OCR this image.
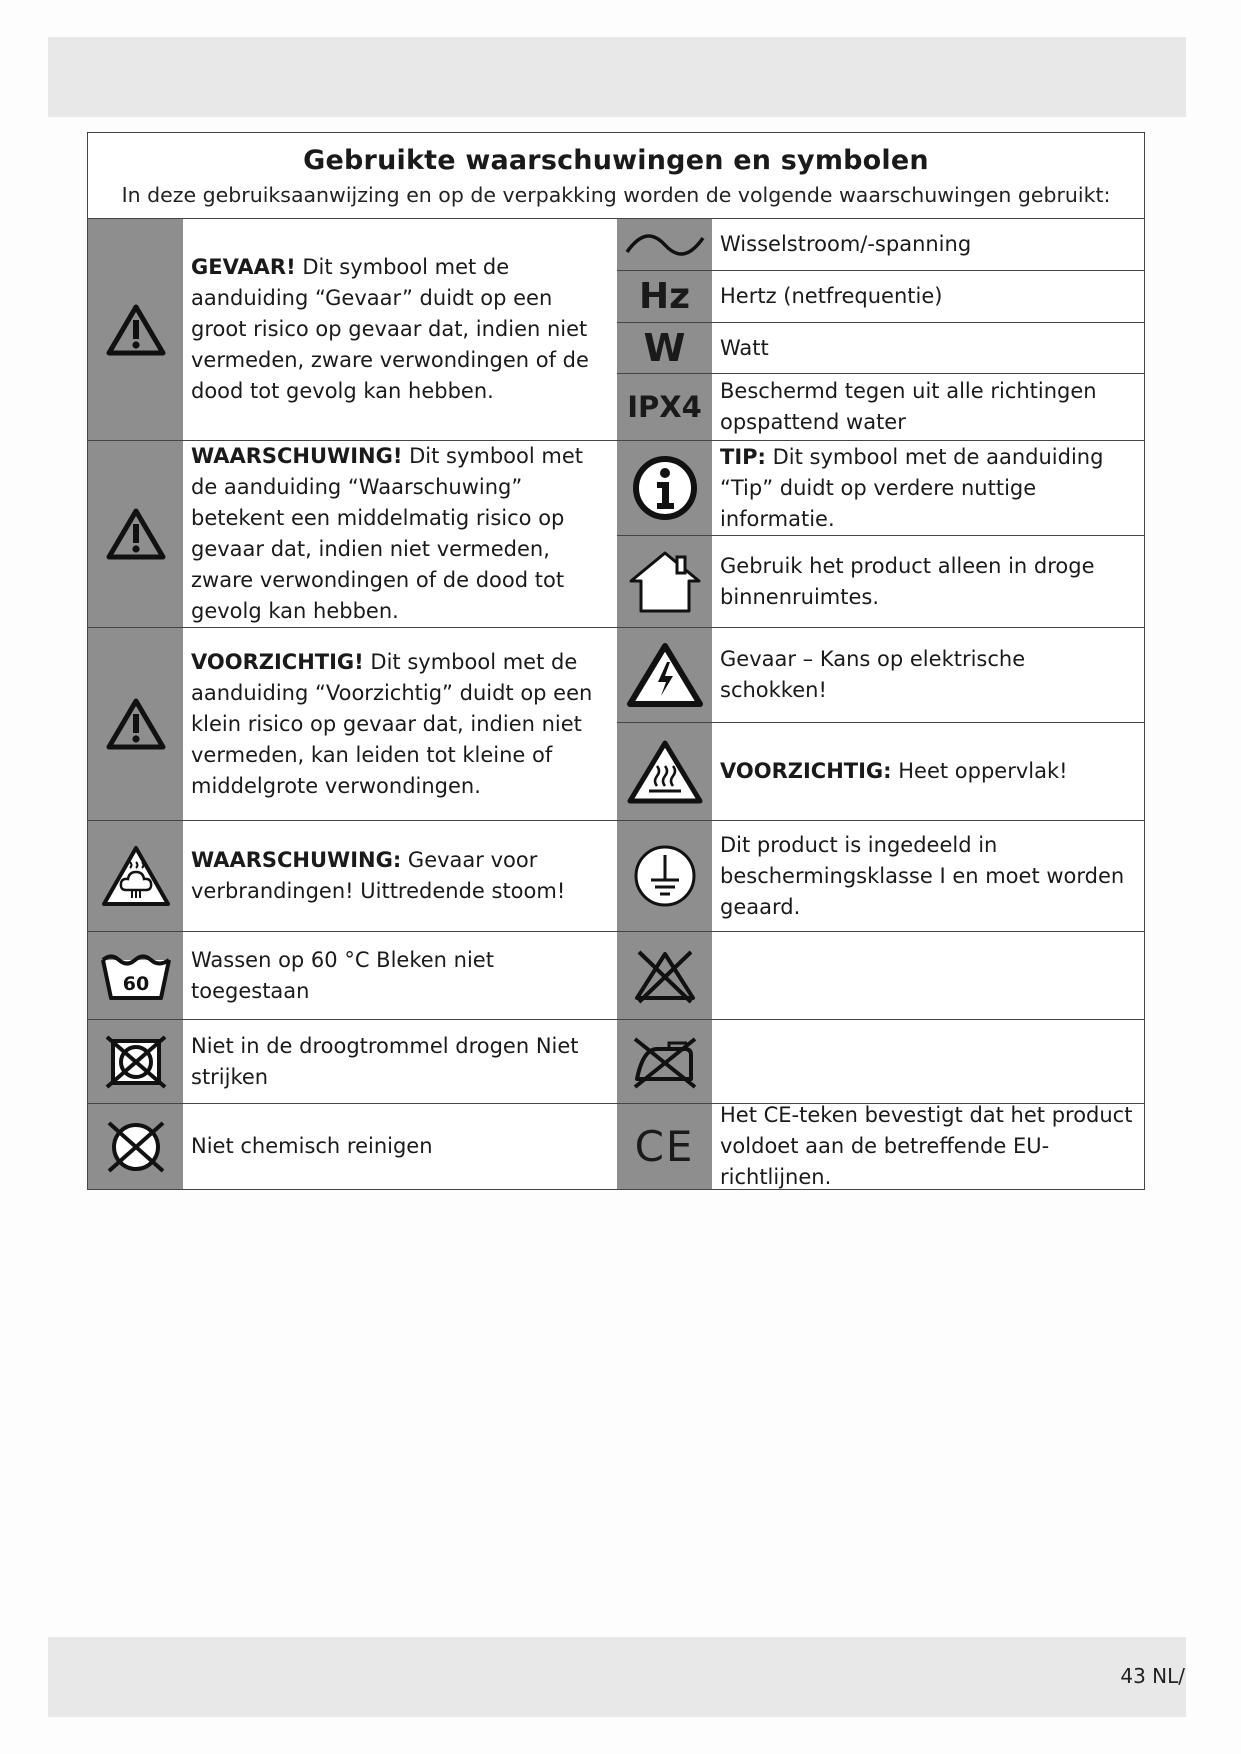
Gebruikte waarschuwingen en symbolen
In deze gebruiksaanwijzing en op de verpakking worden de volgende waarschuwingen gebruikt:
GEVAAR! Dit symbool met de aanduiding “Gevaar” duidt op een groot risico op gevaar dat, indien niet vermeden, zware verwondingen of de dood tot gevolg kan hebben.
WAARSCHUWING! Dit symbool met de aanduiding “Waarschuwing” betekent een middelmatig risico op gevaar dat, indien niet vermeden, zware verwondingen of de dood tot gevolg kan hebben.
VOORZICHTIG! Dit symbool met de aanduiding “Voorzichtig” duidt op een klein risico op gevaar dat, indien niet vermeden, kan leiden tot kleine of middelgrote verwondingen.
WAARSCHUWING: Gevaar voor verbrandingen! Uittredende stoom!
60
Wassen op 60 °C Bleken niet toegestaan
Niet in de droogtrommel drogen Niet strijken
Niet chemisch reinigen
Wisselstroom/-spanning
Hz Hertz (netfrequentie)
W Watt
IPX4 Beschermd tegen uit alle richtingen opspattend water
TIP: Dit symbool met de aanduiding “Tip” duidt op verdere nuttige informatie.
Gebruik het product alleen in droge binnenruimtes.
Gevaar – Kans op elektrische schokken!
VOORZICHTIG: Heet oppervlak!
Dit product is ingedeeld in beschermingsklasse I en moet worden geaard.
CE
Het CE-teken bevestigt dat het product voldoet aan de betreffende EU-richtlijnen.
43 NL/
